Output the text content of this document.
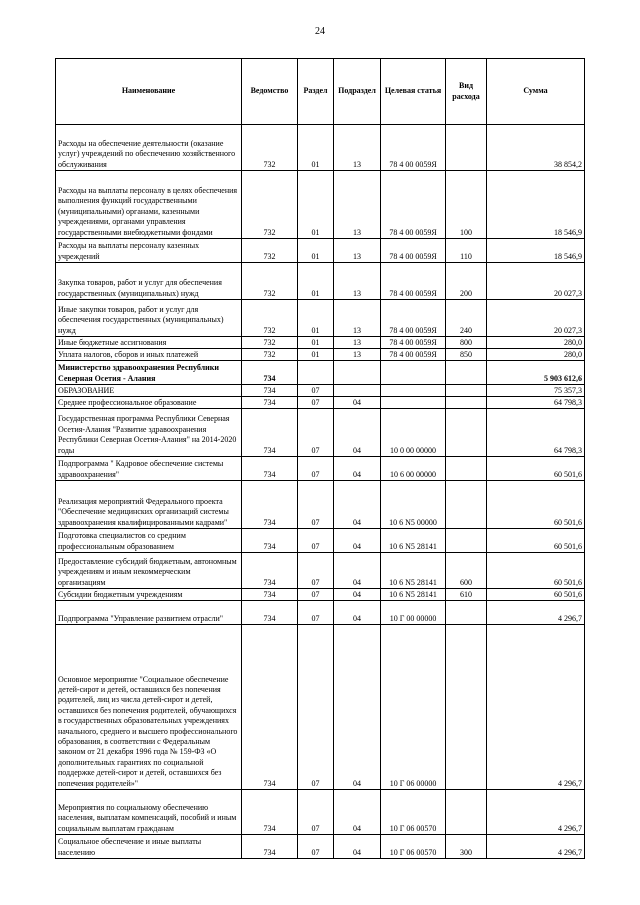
24
Наименование	Ведомство	Раздел	Подраздел	Целевая статья	Вид расхода	Сумма
Расходы на обеспечение деятельности (оказание услуг) учреждений по обеспечению хозяйственного обслуживания	732	01	13	78 4 00 0059Я		38 854,2
Расходы на выплаты персоналу в целях обеспечения выполнения функций государственными (муниципальными) органами, казенными учреждениями, органами управления государственными внебюджетными фондами	732	01	13	78 4 00 0059Я	100	18 546,9
Расходы на выплаты персоналу казенных учреждений	732	01	13	78 4 00 0059Я	110	18 546,9
Закупка товаров, работ и услуг для обеспечения государственных (муниципальных) нужд	732	01	13	78 4 00 0059Я	200	20 027,3
Иные закупки товаров, работ и услуг для обеспечения государственных (муниципальных) нужд	732	01	13	78 4 00 0059Я	240	20 027,3
Иные бюджетные ассигнования	732	01	13	78 4 00 0059Я	800	280,0
Уплата налогов, сборов и иных платежей	732	01	13	78 4 00 0059Я	850	280,0
Министерство здравоохранения Республики Северная Осетия - Алания	734					5 903 612,6
ОБРАЗОВАНИЕ	734	07				75 357,3
Среднее профессиональное образование	734	07	04			64 798,3
Государственная программа Республики Северная Осетия-Алания "Развитие здравоохранения Республики Северная Осетия-Алания" на 2014-2020 годы	734	07	04	10 0 00 00000		64 798,3
Подпрограмма " Кадровое обеспечение системы здравоохранения"	734	07	04	10 6 00 00000		60 501,6
Реализация мероприятий Федерального проекта "Обеспечение медицинских организаций системы здравоохранения квалифицированными кадрами"	734	07	04	10 6 N5 00000		60 501,6
Подготовка специалистов со средним профессиональным образованием	734	07	04	10 6 N5 28141		60 501,6
Предоставление субсидий бюджетным, автономным учреждениям и иным некоммерческим организациям	734	07	04	10 6 N5 28141	600	60 501,6
Субсидии бюджетным учреждениям	734	07	04	10 6 N5 28141	610	60 501,6
Подпрограмма "Управление развитием отрасли"	734	07	04	10 Г 00 00000		4 296,7
Основное мероприятие "Социальное обеспечение детей-сирот и детей, оставшихся без попечения родителей, лиц из числа детей-сирот и детей, оставшихся без попечения родителей, обучающихся в государственных образовательных учреждениях начального, среднего и высшего профессионального образования, в соответствии с Федеральным законом от 21 декабря 1996 года № 159-ФЗ «О дополнительных гарантиях по социальной поддержке детей-сирот и детей, оставшихся без попечения родителей»"	734	07	04	10 Г 06 00000		4 296,7
Мероприятия по социальному обеспечению населения, выплатам компенсаций, пособий и иным социальным выплатам гражданам	734	07	04	10 Г 06 00570		4 296,7
Социальное обеспечение и иные выплаты населению	734	07	04	10 Г 06 00570	300	4 296,7
